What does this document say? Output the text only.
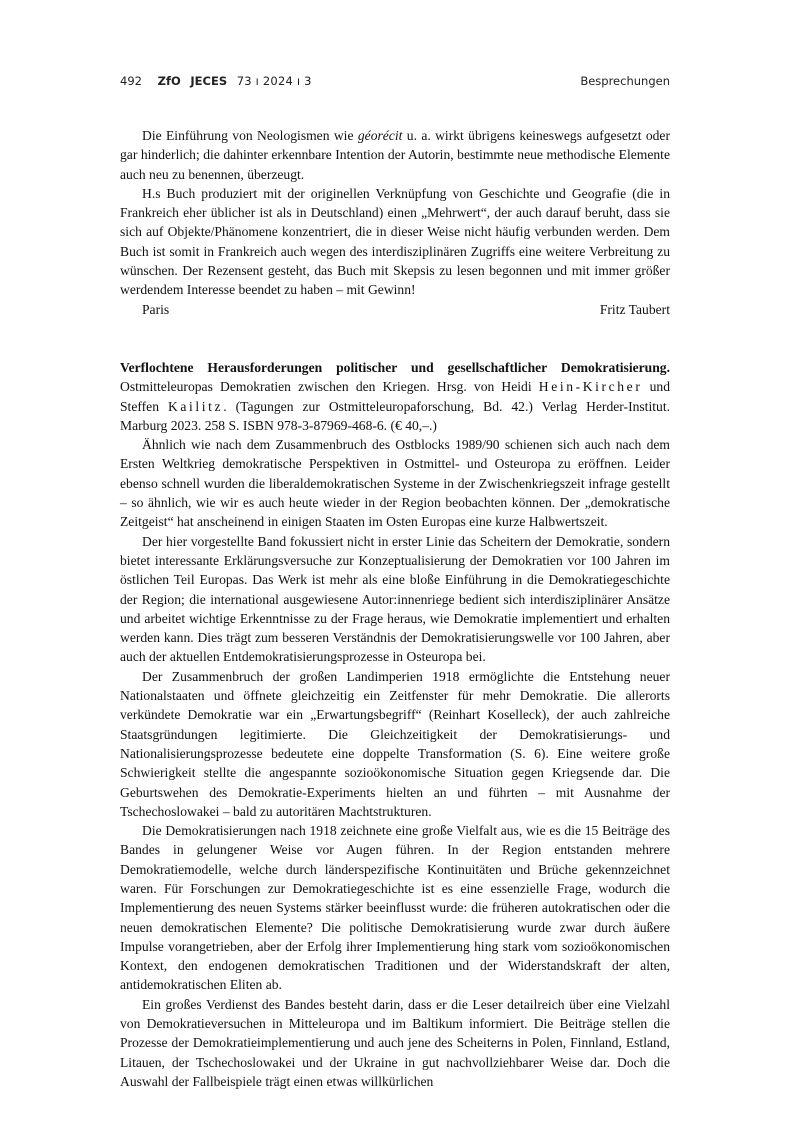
492 ZfO JECES 73 ı 2024 ı 3	Besprechungen

Die Einführung von Neologismen wie géorécit u. a. wirkt übrigens keineswegs aufgesetzt oder gar hinderlich; die dahinter erkennbare Intention der Autorin, bestimmte neue methodische Elemente auch neu zu benennen, überzeugt.

H.s Buch produziert mit der originellen Verknüpfung von Geschichte und Geografie (die in Frankreich eher üblicher ist als in Deutschland) einen „Mehrwert“, der auch darauf beruht, dass sie sich auf Objekte/Phänomene konzentriert, die in dieser Weise nicht häufig verbunden werden. Dem Buch ist somit in Frankreich auch wegen des interdisziplinären Zugriffs eine weitere Verbreitung zu wünschen. Der Rezensent gesteht, das Buch mit Skepsis zu lesen begonnen und mit immer größer werdendem Interesse beendet zu haben – mit Gewinn!

Paris	Fritz Taubert

Verflochtene Herausforderungen politischer und gesellschaftlicher Demokratisierung. Ostmitteleuropas Demokratien zwischen den Kriegen. Hrsg. von Heidi Hein-Kircher und Steffen Kailitz. (Tagungen zur Ostmitteleuropaforschung, Bd. 42.) Verlag Herder-Institut. Marburg 2023. 258 S. ISBN 978-3-87969-468-6. (€ 40,–.)

Ähnlich wie nach dem Zusammenbruch des Ostblocks 1989/90 schienen sich auch nach dem Ersten Weltkrieg demokratische Perspektiven in Ostmittel- und Osteuropa zu eröffnen. Leider ebenso schnell wurden die liberaldemokratischen Systeme in der Zwischenkriegszeit infrage gestellt – so ähnlich, wie wir es auch heute wieder in der Region beobachten können. Der „demokratische Zeitgeist“ hat anscheinend in einigen Staaten im Osten Europas eine kurze Halbwertszeit.

Der hier vorgestellte Band fokussiert nicht in erster Linie das Scheitern der Demokratie, sondern bietet interessante Erklärungsversuche zur Konzeptualisierung der Demokratien vor 100 Jahren im östlichen Teil Europas. Das Werk ist mehr als eine bloße Einführung in die Demokratiegeschichte der Region; die international ausgewiesene Autor:innenriege bedient sich interdisziplinärer Ansätze und arbeitet wichtige Erkenntnisse zu der Frage heraus, wie Demokratie implementiert und erhalten werden kann. Dies trägt zum besseren Verständnis der Demokratisierungswelle vor 100 Jahren, aber auch der aktuellen Entdemokratisierungsprozesse in Osteuropa bei.

Der Zusammenbruch der großen Landimperien 1918 ermöglichte die Entstehung neuer Nationalstaaten und öffnete gleichzeitig ein Zeitfenster für mehr Demokratie. Die allerorts verkündete Demokratie war ein „Erwartungsbegriff“ (Reinhart Koselleck), der auch zahlreiche Staatsgründungen legitimierte. Die Gleichzeitigkeit der Demokratisierungs- und Nationalisierungsprozesse bedeutete eine doppelte Transformation (S. 6). Eine weitere große Schwierigkeit stellte die angespannte sozioökonomische Situation gegen Kriegsende dar. Die Geburtswehen des Demokratie-Experiments hielten an und führten – mit Ausnahme der Tschechoslowakei – bald zu autoritären Machtstrukturen.

Die Demokratisierungen nach 1918 zeichnete eine große Vielfalt aus, wie es die 15 Beiträge des Bandes in gelungener Weise vor Augen führen. In der Region entstanden mehrere Demokratiemodelle, welche durch länderspezifische Kontinuitäten und Brüche gekennzeichnet waren. Für Forschungen zur Demokratiegeschichte ist es eine essenzielle Frage, wodurch die Implementierung des neuen Systems stärker beeinflusst wurde: die früheren autokratischen oder die neuen demokratischen Elemente? Die politische Demokratisierung wurde zwar durch äußere Impulse vorangetrieben, aber der Erfolg ihrer Implementierung hing stark vom sozioökonomischen Kontext, den endogenen demokratischen Traditionen und der Widerstandskraft der alten, antidemokratischen Eliten ab.

Ein großes Verdienst des Bandes besteht darin, dass er die Leser detailreich über eine Vielzahl von Demokratieversuchen in Mitteleuropa und im Baltikum informiert. Die Beiträge stellen die Prozesse der Demokratieimplementierung und auch jene des Scheiterns in Polen, Finnland, Estland, Litauen, der Tschechoslowakei und der Ukraine in gut nachvollziehbarer Weise dar. Doch die Auswahl der Fallbeispiele trägt einen etwas willkürlichen
